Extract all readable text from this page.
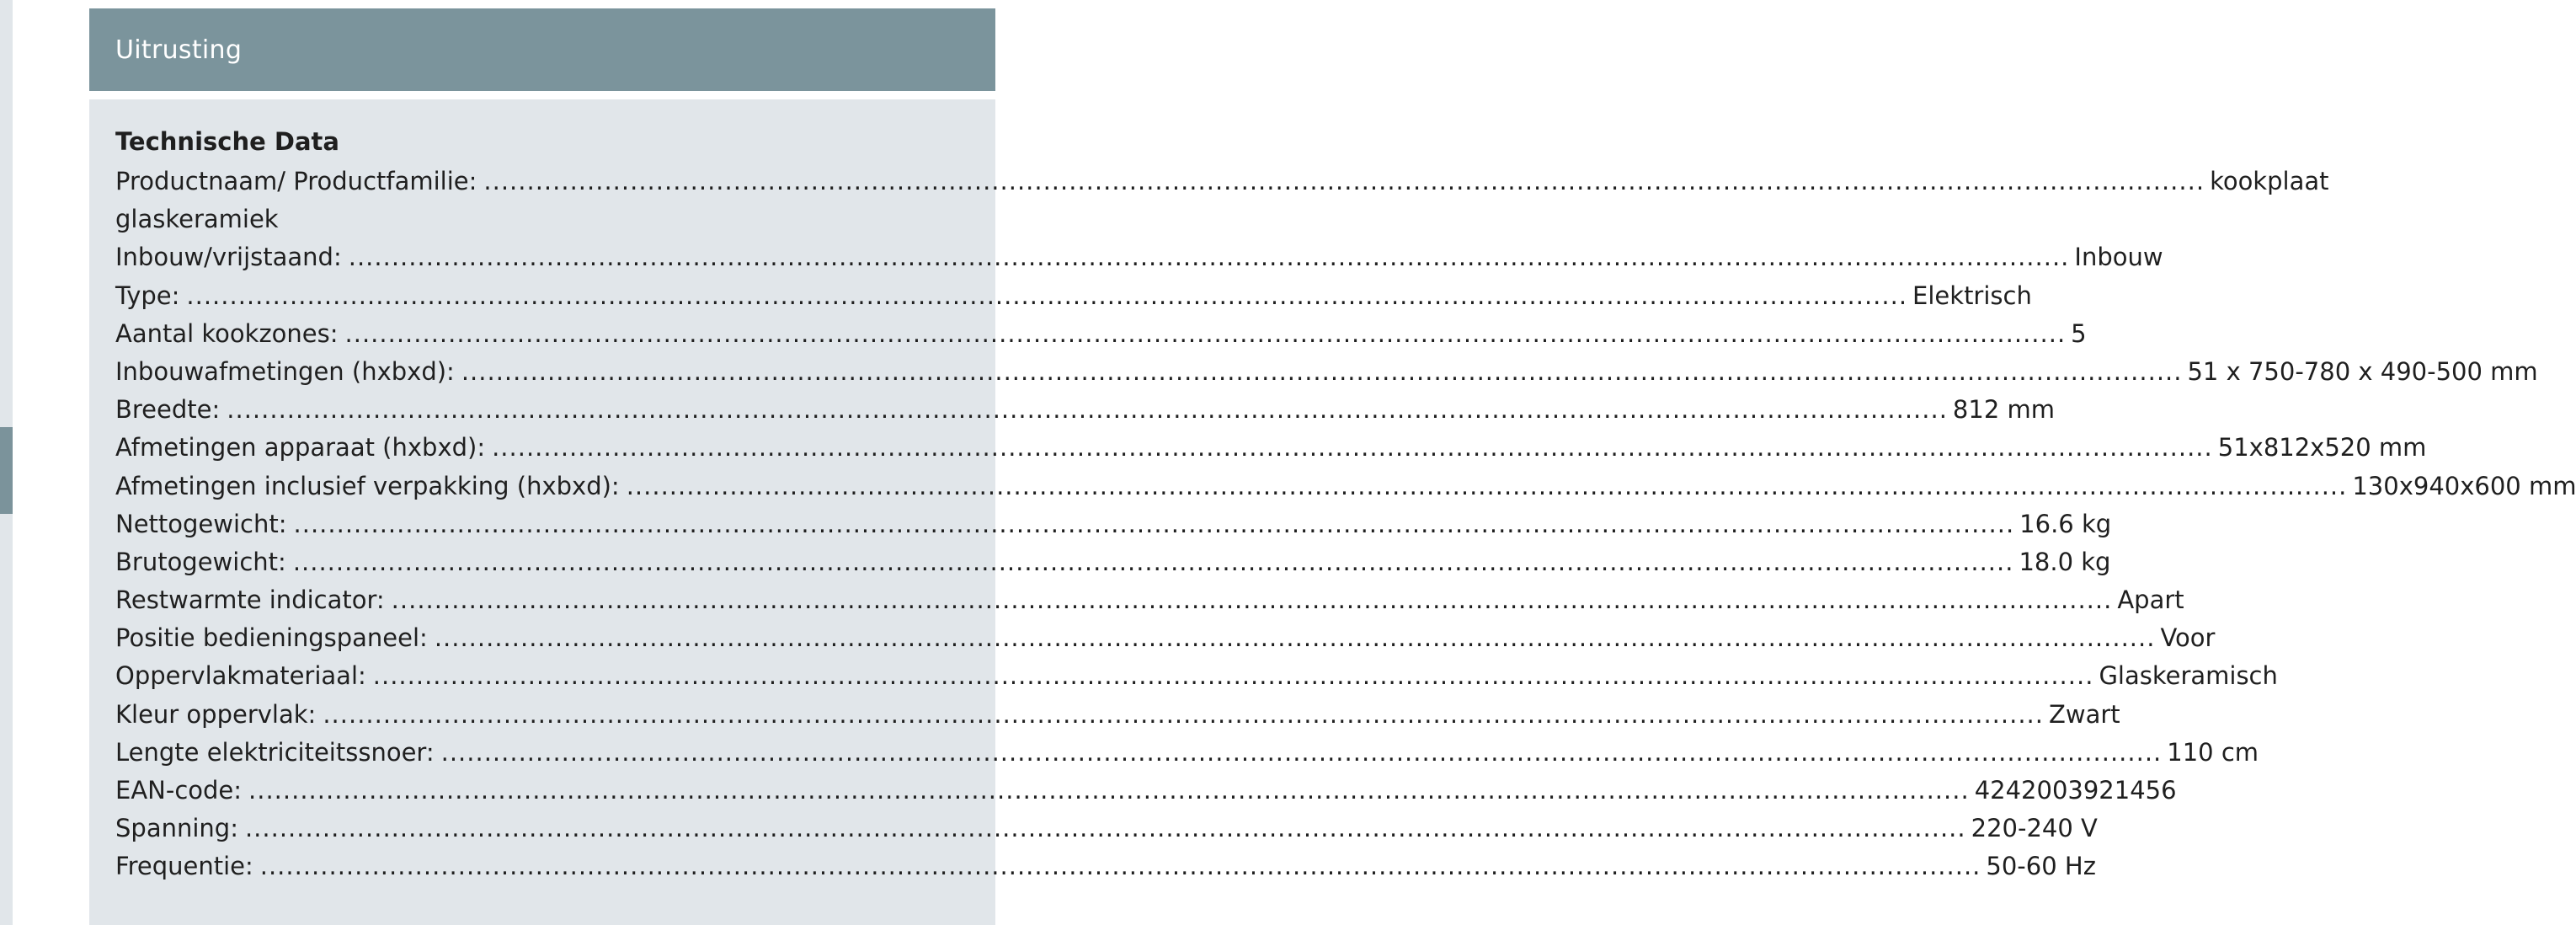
Uitrusting
Technische Data
Productnaam/ Productfamilie: ........................................................................................................................................................................................................ kookplaat
glaskeramiek
Inbouw/vrijstaand: ........................................................................................................................................................................................................ Inbouw
Type: ........................................................................................................................................................................................................ Elektrisch
Aantal kookzones: ........................................................................................................................................................................................................ 5
Inbouwafmetingen (hxbxd): ........................................................................................................................................................................................................ 51 x 750-780 x 490-500 mm
Breedte: ........................................................................................................................................................................................................ 812 mm
Afmetingen apparaat (hxbxd): ........................................................................................................................................................................................................ 51x812x520 mm
Afmetingen inclusief verpakking (hxbxd): ........................................................................................................................................................................................................ 130x940x600 mm
Nettogewicht: ........................................................................................................................................................................................................ 16.6 kg
Brutogewicht: ........................................................................................................................................................................................................ 18.0 kg
Restwarmte indicator: ........................................................................................................................................................................................................ Apart
Positie bedieningspaneel: ........................................................................................................................................................................................................ Voor
Oppervlakmateriaal: ........................................................................................................................................................................................................ Glaskeramisch
Kleur oppervlak: ........................................................................................................................................................................................................ Zwart
Lengte elektriciteitssnoer: ........................................................................................................................................................................................................ 110 cm
EAN-code: ........................................................................................................................................................................................................ 4242003921456
Spanning: ........................................................................................................................................................................................................ 220-240 V
Frequentie: ........................................................................................................................................................................................................ 50-60 Hz
